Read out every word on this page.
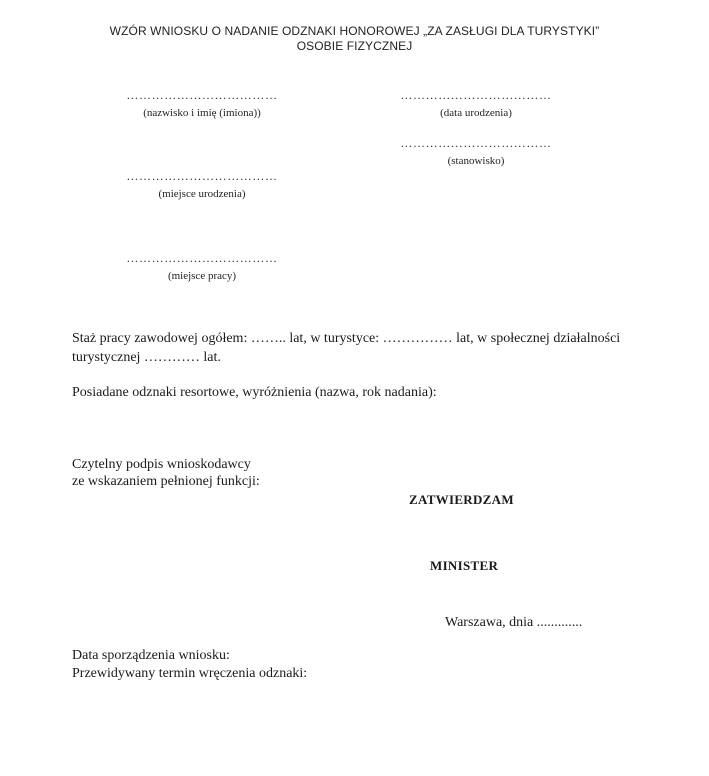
WZÓR WNIOSKU O NADANIE ODZNAKI HONOROWEJ „ZA ZASŁUGI DLA TURYSTYKI”
OSOBIE FIZYCZNEJ
………………………………
(nazwisko i imię (imiona))
………………………………
(data urodzenia)
………………………………
(stanowisko)
………………………………
(miejsce urodzenia)
………………………………
(miejsce pracy)
Staż pracy zawodowej ogółem: …….. lat, w turystyce: …………… lat, w społecznej działalności
turystycznej ………… lat.
Posiadane odznaki resortowe, wyróżnienia (nazwa, rok nadania):
Czytelny podpis wnioskodawcy
ze wskazaniem pełnionej funkcji:
ZATWIERDZAM
MINISTER
Warszawa, dnia .............
Data sporządzenia wniosku:
Przewidywany termin wręczenia odznaki:
